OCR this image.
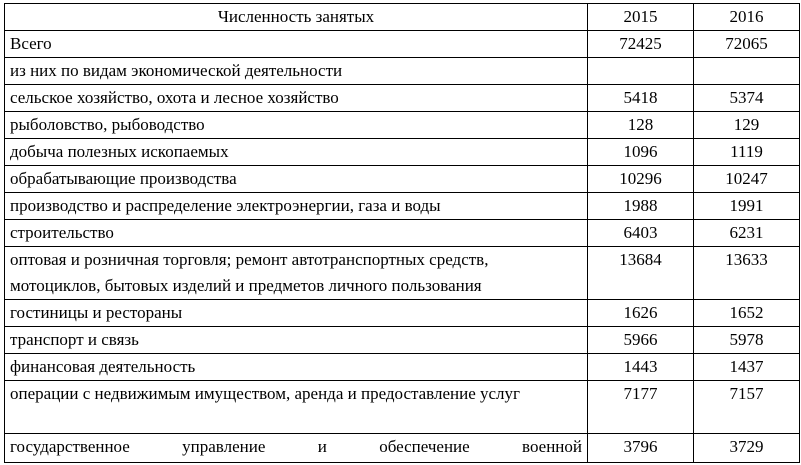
Численность занятых	2015	2016
Всего	72425	72065
из них по видам экономической деятельности		
сельское хозяйство, охота и лесное хозяйство	5418	5374
рыболовство, рыбоводство	128	129
добыча полезных ископаемых	1096	1119
обрабатывающие производства	10296	10247
производство и распределение электроэнергии, газа и воды	1988	1991
строительство	6403	6231
оптовая и розничная торговля; ремонт автотранспортных средств, мотоциклов, бытовых изделий и предметов личного пользования	13684	13633
гостиницы и рестораны	1626	1652
транспорт и связь	5966	5978
финансовая деятельность	1443	1437
операции с недвижимым имуществом, аренда и предоставление услуг	7177	7157
государственное управление и обеспечение военной	3796	3729
